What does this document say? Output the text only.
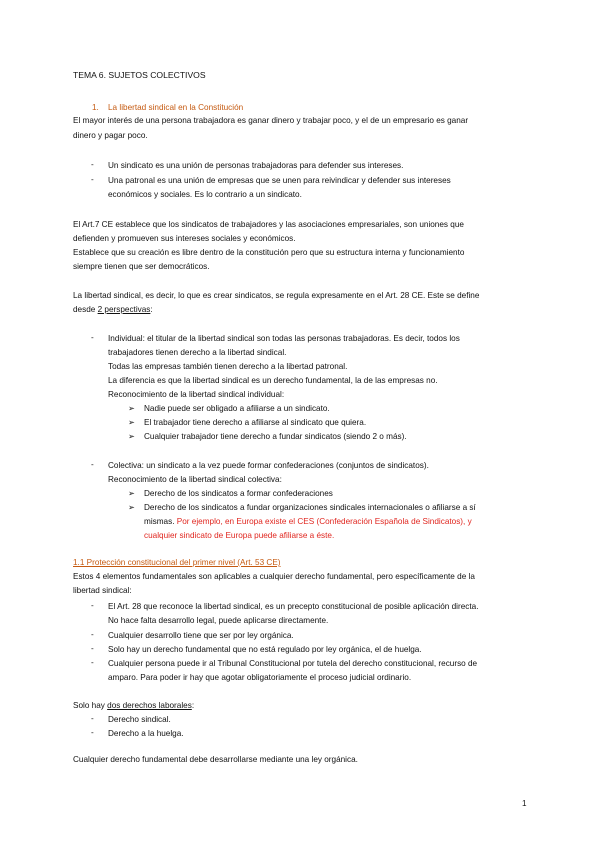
TEMA 6. SUJETOS COLECTIVOS
1. La libertad sindical en la Constitución
El mayor interés de una persona trabajadora es ganar dinero y trabajar poco, y el de un empresario es ganar
dinero y pagar poco.
- Un sindicato es una unión de personas trabajadoras para defender sus intereses.
- Una patronal es una unión de empresas que se unen para reivindicar y defender sus intereses
económicos y sociales. Es lo contrario a un sindicato.
El Art.7 CE establece que los sindicatos de trabajadores y las asociaciones empresariales, son uniones que
defienden y promueven sus intereses sociales y económicos.
Establece que su creación es libre dentro de la constitución pero que su estructura interna y funcionamiento
siempre tienen que ser democráticos.
La libertad sindical, es decir, lo que es crear sindicatos, se regula expresamente en el Art. 28 CE. Este se define
desde 2 perspectivas:
- Individual: el titular de la libertad sindical son todas las personas trabajadoras. Es decir, todos los
trabajadores tienen derecho a la libertad sindical.
Todas las empresas también tienen derecho a la libertad patronal.
La diferencia es que la libertad sindical es un derecho fundamental, la de las empresas no.
Reconocimiento de la libertad sindical individual:
➢ Nadie puede ser obligado a afiliarse a un sindicato.
➢ El trabajador tiene derecho a afiliarse al sindicato que quiera.
➢ Cualquier trabajador tiene derecho a fundar sindicatos (siendo 2 o más).
- Colectiva: un sindicato a la vez puede formar confederaciones (conjuntos de sindicatos).
Reconocimiento de la libertad sindical colectiva:
➢ Derecho de los sindicatos a formar confederaciones
➢ Derecho de los sindicatos a fundar organizaciones sindicales internacionales o afiliarse a sí
mismas. Por ejemplo, en Europa existe el CES (Confederación Española de Sindicatos), y
cualquier sindicato de Europa puede afiliarse a éste.
1.1 Protección constitucional del primer nivel (Art. 53 CE)
Estos 4 elementos fundamentales son aplicables a cualquier derecho fundamental, pero específicamente de la
libertad sindical:
- El Art. 28 que reconoce la libertad sindical, es un precepto constitucional de posible aplicación directa.
No hace falta desarrollo legal, puede aplicarse directamente.
- Cualquier desarrollo tiene que ser por ley orgánica.
- Solo hay un derecho fundamental que no está regulado por ley orgánica, el de huelga.
- Cualquier persona puede ir al Tribunal Constitucional por tutela del derecho constitucional, recurso de
amparo. Para poder ir hay que agotar obligatoriamente el proceso judicial ordinario.
Solo hay dos derechos laborales:
- Derecho sindical.
- Derecho a la huelga.
Cualquier derecho fundamental debe desarrollarse mediante una ley orgánica.
1
